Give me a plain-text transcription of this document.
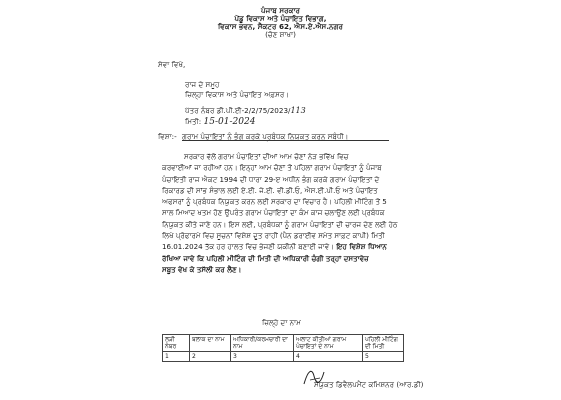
ਪੰਜਾਬ ਸਰਕਾਰ
ਪੇਂਡੂ ਵਿਕਾਸ ਅਤੇ ਪੰਚਾਇਤ ਵਿਭਾਗ,
ਵਿਕਾਸ ਭਵਨ, ਸੈਕਟਰ 62, ਐਸ.ਏ.ਐਸ.ਨਗਰ
(ਚੋਣ ਸ਼ਾਖਾ)
ਸੇਵਾ ਵਿਖੇ,
ਰਾਜ ਦੇ ਸਮੂਹ
ਜ਼ਿਲ੍ਹਾ ਵਿਕਾਸ ਅਤੇ ਪੰਚਾਇਤ ਅਫ਼ਸਰ।
ਪੱਤਰ ਨੰਬਰ ਡੀ.ਪੀ.ਈ-2/2/75/2023/113
ਮਿਤੀ: 15-01-2024
ਵਿਸ਼ਾ:- ਗਰਾਮ ਪੰਚਾਇਤਾਂ ਨੂੰ ਭੰਗ ਕਰਕੇ ਪ੍ਰਬੰਧਕ ਨਿਯੁਕਤ ਕਰਨ ਸਬੰਧੀ।
ਸਰਕਾਰ ਵੱਲੋਂ ਗਰਾਮ ਪੰਚਾਇਤਾਂ ਦੀਆਂ ਆਮ ਚੋਣਾਂ ਨੇੜ ਭਵਿੱਖ ਵਿਚ
ਕਰਵਾਈਆਂ ਜਾ ਰਹੀਆਂ ਹਨ। ਇਨ੍ਹਾਂ ਆਮ ਚੋਣਾਂ ਤੋਂ ਪਹਿਲਾਂ ਗਰਾਮ ਪੰਚਾਇਤਾਂ ਨੂੰ ਪੰਜਾਬ
ਪੰਚਾਇਤੀ ਰਾਜ ਐਕਟ 1994 ਦੀ ਧਾਰਾ 29-ੲ ਅਧੀਨ ਭੰਗ ਕਰਕੇ ਗਰਾਮ ਪੰਚਾਇਤਾਂ ਦੇ
ਰਿਕਾਰਡ ਦੀ ਸਾਂਭ ਸੰਭਾਲ ਲਈ ਏ.ਈ. ਜੇ.ਈ. ਵੀ.ਡੀ.ਓ, ਐਸ.ਈ.ਪੀ.ਓ ਅਤੇ ਪੰਚਾਇਤ
ਅਫਸਰਾਂ ਨੂੰ ਪ੍ਰਬੰਧਕ ਨਿਯੁਕਤ ਕਰਨ ਲਈ ਸਰਕਾਰ ਦਾ ਵਿਚਾਰ ਹੈ। ਪਹਿਲੀ ਮੀਟਿੰਗ ਤੋਂ 5
ਸਾਲ ਮਿਆਦ ਖਤਮ ਹੋਣ ਉਪਰੰਤ ਗਰਾਮ ਪੰਚਾਇਤਾਂ ਦਾ ਕੰਮ ਕਾਜ ਚਲਾਉਣ ਲਈ ਪ੍ਰਬੰਧਕ
ਨਿਯੁਕਤ ਕੀਤੇ ਜਾਣੇ ਹਨ। ਇਸ ਲਈ, ਪ੍ਰਬੰਧਕਾਂ ਨੂੰ ਗਰਾਮ ਪੰਚਾਇਤਾਂ ਦੀ ਚਾਰਜ ਦੇਣ ਲਈ ਹੇਠ
ਲਿਖੇ ਪ੍ਰੋਫਾਰਮੇ ਵਿਚ ਸੂਚਨਾਂ ਵਿਸ਼ੇਸ਼ ਦੂਤ ਰਾਹੀਂ (ਪੈਨ ਡਰਾਈਵ ਸਮੇਤ ਸਾਫ਼ਟ ਕਾਪੀ) ਮਿਤੀ
16.01.2024 ਤੱਕ ਹਰ ਹਾਲਤ ਵਿਚ ਭੇਜਣੀ ਯਕੀਨੀ ਬਣਾਈ ਜਾਵੇ। ਇਹ ਵਿਸ਼ੇਸ਼ ਧਿਆਨ
ਰੱਖਿਆ ਜਾਵੇ ਕਿ ਪਹਿਲੀ ਮੀਟਿੰਗ ਦੀ ਮਿਤੀ ਦੀ ਅਧਿਕਾਰੀ ਚੰਗੀ ਤਰ੍ਹਾਂ ਦਸਤਾਵੇਜ਼
ਸਬੂਤ ਵੇਖ ਕੇ ਤਸੱਲੀ ਕਰ ਲੈਣ।
ਜ਼ਿਲ੍ਹੇ ਦਾ ਨਾਮ
ਲੜੀ ਨੰਬਰ	ਬਲਾਕ ਦਾ ਨਾਮ	ਅਧਿਕਾਰੀ/ਕਰਮਚਾਰੀ ਦਾ ਨਾਮ	ਅਲਾਟ ਕੀਤੀਆਂ ਗਰਾਮ ਪੰਚਾਇਤਾਂ ਦੇ ਨਾਮ	ਪਹਿਲੀ ਮੀਟਿੰਗ ਦੀ ਮਿਤੀ
1	2	3	4	5
ਸੰਯੁਕਤ ਡਿਵੈਲਪਮੈਂਟ ਕਮਿਸ਼ਨਰ (ਆਰ.ਡੀ)
